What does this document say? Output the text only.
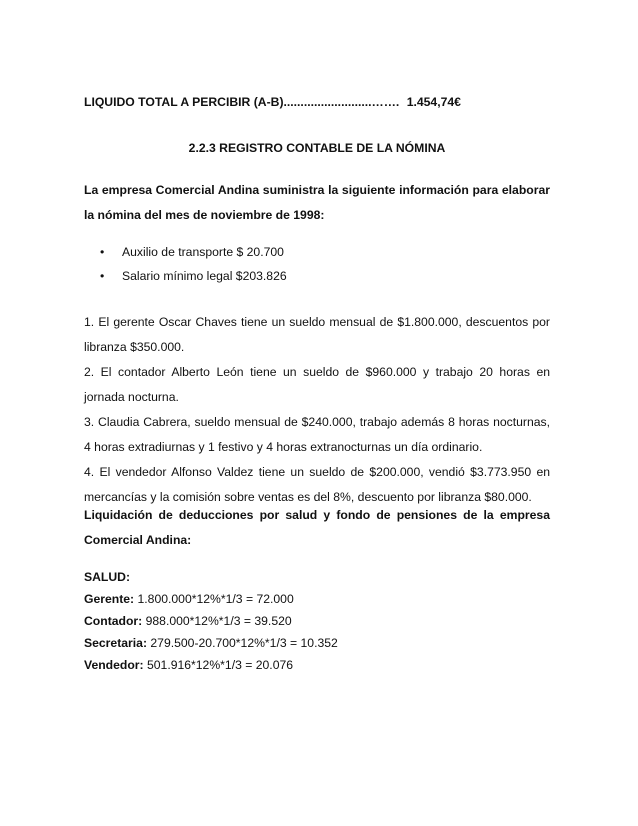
LIQUIDO TOTAL A PERCIBIR (A-B)..........................……. 1.454,74€
2.2.3 REGISTRO CONTABLE DE LA NÓMINA
La empresa Comercial Andina suministra la siguiente información para elaborar la nómina del mes de noviembre de 1998:
• Auxilio de transporte $ 20.700
• Salario mínimo legal $203.826
1. El gerente Oscar Chaves tiene un sueldo mensual de $1.800.000, descuentos por libranza $350.000.
2. El contador Alberto León tiene un sueldo de $960.000 y trabajo 20 horas en jornada nocturna.
3. Claudia Cabrera, sueldo mensual de $240.000, trabajo además 8 horas nocturnas, 4 horas extradiurnas y 1 festivo y 4 horas extranocturnas un día ordinario.
4. El vendedor Alfonso Valdez tiene un sueldo de $200.000, vendió $3.773.950 en mercancías y la comisión sobre ventas es del 8%, descuento por libranza $80.000.
Liquidación de deducciones por salud y fondo de pensiones de la empresa Comercial Andina:
SALUD:
Gerente: 1.800.000*12%*1/3 = 72.000
Contador: 988.000*12%*1/3 = 39.520
Secretaria: 279.500-20.700*12%*1/3 = 10.352
Vendedor: 501.916*12%*1/3 = 20.076
